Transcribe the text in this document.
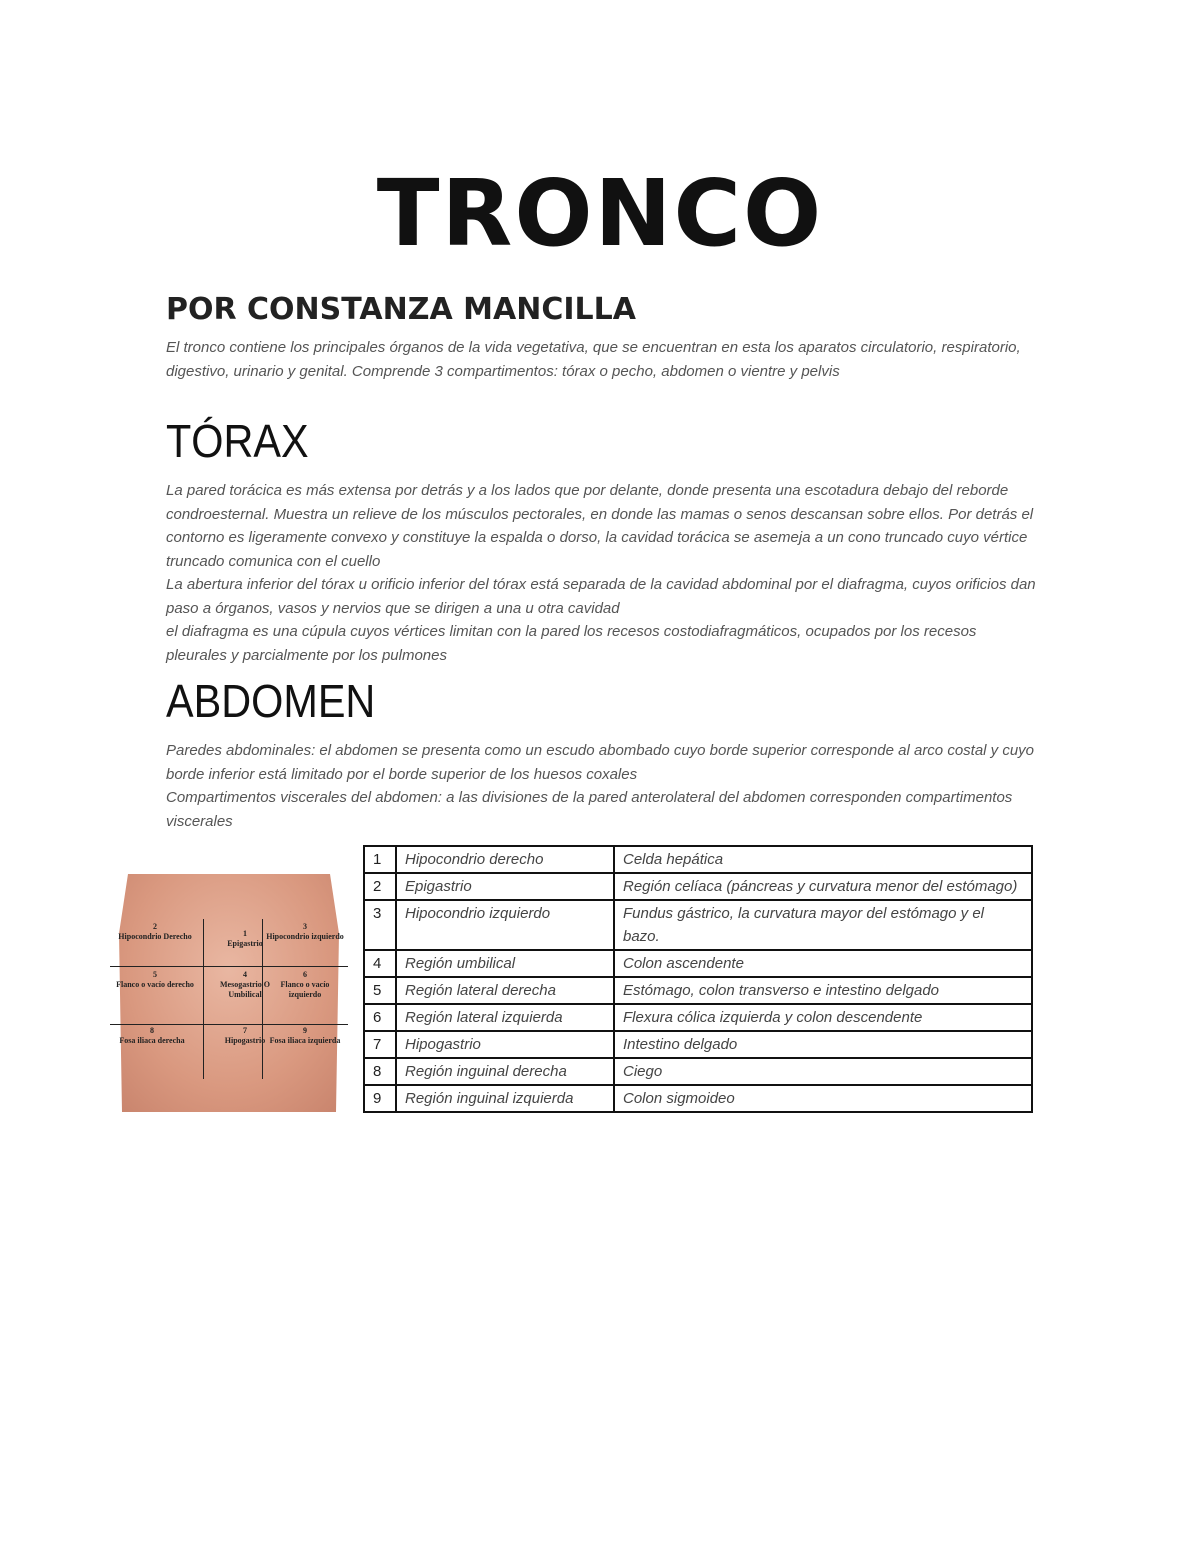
TRONCO
POR CONSTANZA MANCILLA
El tronco contiene los principales órganos de la vida vegetativa, que se encuentran en esta los aparatos circulatorio, respiratorio, digestivo, urinario y genital. Comprende 3 compartimentos: tórax o pecho, abdomen o vientre y pelvis
TÓRAX
La pared torácica es más extensa por detrás y a los lados que por delante, donde presenta una escotadura debajo del reborde condroesternal. Muestra un relieve de los músculos pectorales, en donde las mamas o senos descansan sobre ellos. Por detrás el contorno es ligeramente convexo y constituye la espalda o dorso, la cavidad torácica se asemeja a un cono truncado cuyo vértice truncado comunica con el cuello
La abertura inferior del tórax u orificio inferior del tórax está separada de la cavidad abdominal por el diafragma, cuyos orificios dan paso a órganos, vasos y nervios que se dirigen a una u otra cavidad
el diafragma es una cúpula cuyos vértices limitan con la pared los recesos costodiafragmáticos, ocupados por los recesos pleurales y parcialmente por los pulmones
ABDOMEN
Paredes abdominales: el abdomen se presenta como un escudo abombado cuyo borde superior corresponde al arco costal y cuyo borde inferior está limitado por el borde superior de los huesos coxales
Compartimentos viscerales del abdomen: a las divisiones de la pared anterolateral del abdomen corresponden compartimentos viscerales
2
Hipocondrio Derecho	1
Epigastrio
3
Hipocondrio izquierdo
5
Flanco o vacío derecho
4
Mesogastrio O Umbilical
6
Flanco o vacío izquierdo
8
Fosa iliaca derecha
7
Hipogastrio
9
Fosa iliaca izquierda
1	Hipocondrio derecho	Celda hepática
2	Epigastrio	Región celíaca (páncreas y curvatura menor del estómago)
3	Hipocondrio izquierdo	Fundus gástrico, la curvatura mayor del estómago y el bazo.
4	Región umbilical	Colon ascendente
5	Región lateral derecha	Estómago, colon transverso e intestino delgado
6	Región lateral izquierda	Flexura cólica izquierda y colon descendente
7	Hipogastrio	Intestino delgado
8	Región inguinal derecha	Ciego
9	Región inguinal izquierda	Colon sigmoideo
